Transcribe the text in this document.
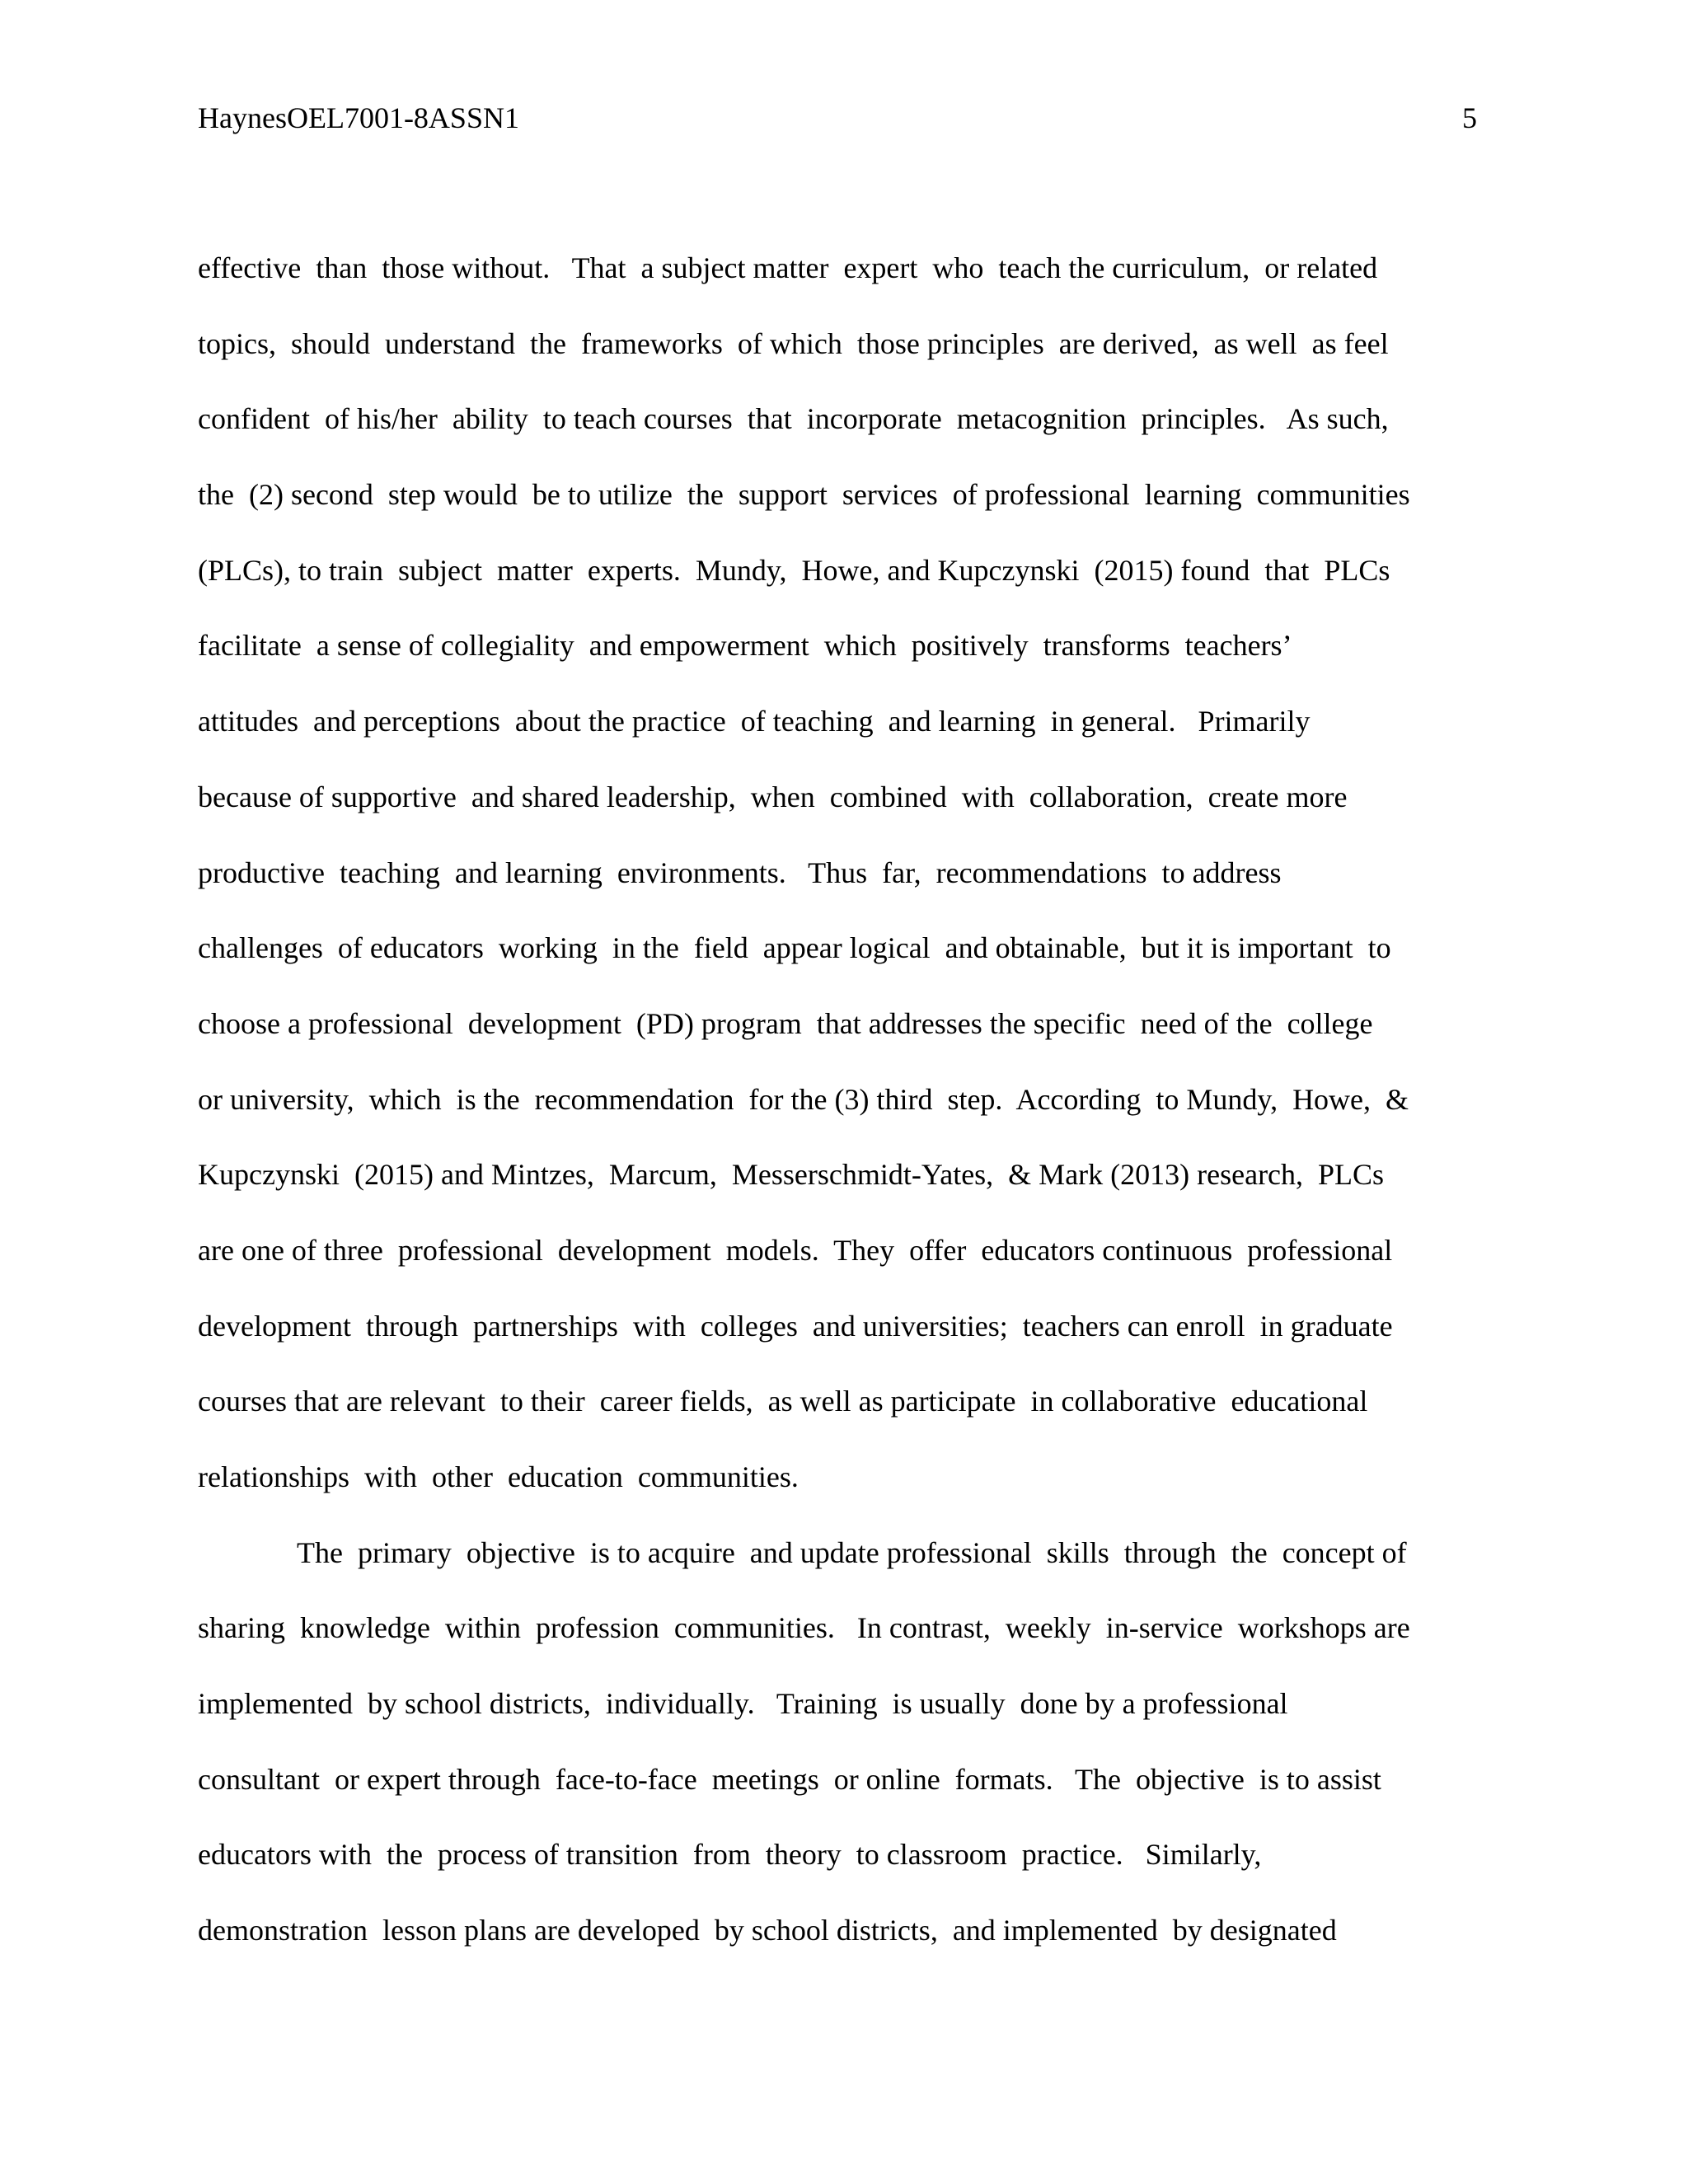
HaynesOEL7001-8ASSN1	5
effective  than  those without.   That  a subject matter  expert  who  teach the curriculum,  or related
topics,  should  understand  the  frameworks  of which  those principles  are derived,  as well  as feel
confident  of his/her  ability  to teach courses  that  incorporate  metacognition  principles.   As such,
the  (2) second  step would  be to utilize  the  support  services  of professional  learning  communities
(PLCs), to train  subject  matter  experts.  Mundy,  Howe, and Kupczynski  (2015) found  that  PLCs
facilitate  a sense of collegiality  and empowerment  which  positively  transforms  teachers’
attitudes  and perceptions  about the practice  of teaching  and learning  in general.   Primarily
because of supportive  and shared leadership,  when  combined  with  collaboration,  create more
productive  teaching  and learning  environments.   Thus  far,  recommendations  to address
challenges  of educators  working  in the  field  appear logical  and obtainable,  but it is important  to
choose a professional  development  (PD) program  that addresses the specific  need of the  college
or university,  which  is the  recommendation  for the (3) third  step.  According  to Mundy,  Howe,  &
Kupczynski  (2015) and Mintzes,  Marcum,  Messerschmidt-Yates,  & Mark (2013) research,  PLCs
are one of three  professional  development  models.  They  offer  educators continuous  professional
development  through  partnerships  with  colleges  and universities;  teachers can enroll  in graduate
courses that are relevant  to their  career fields,  as well as participate  in collaborative  educational
relationships  with  other  education  communities.
The  primary  objective  is to acquire  and update professional  skills  through  the  concept of
sharing  knowledge  within  profession  communities.   In contrast,  weekly  in-service  workshops are
implemented  by school districts,  individually.   Training  is usually  done by a professional
consultant  or expert through  face-to-face  meetings  or online  formats.   The  objective  is to assist
educators with  the  process of transition  from  theory  to classroom  practice.   Similarly,
demonstration  lesson plans are developed  by school districts,  and implemented  by designated
